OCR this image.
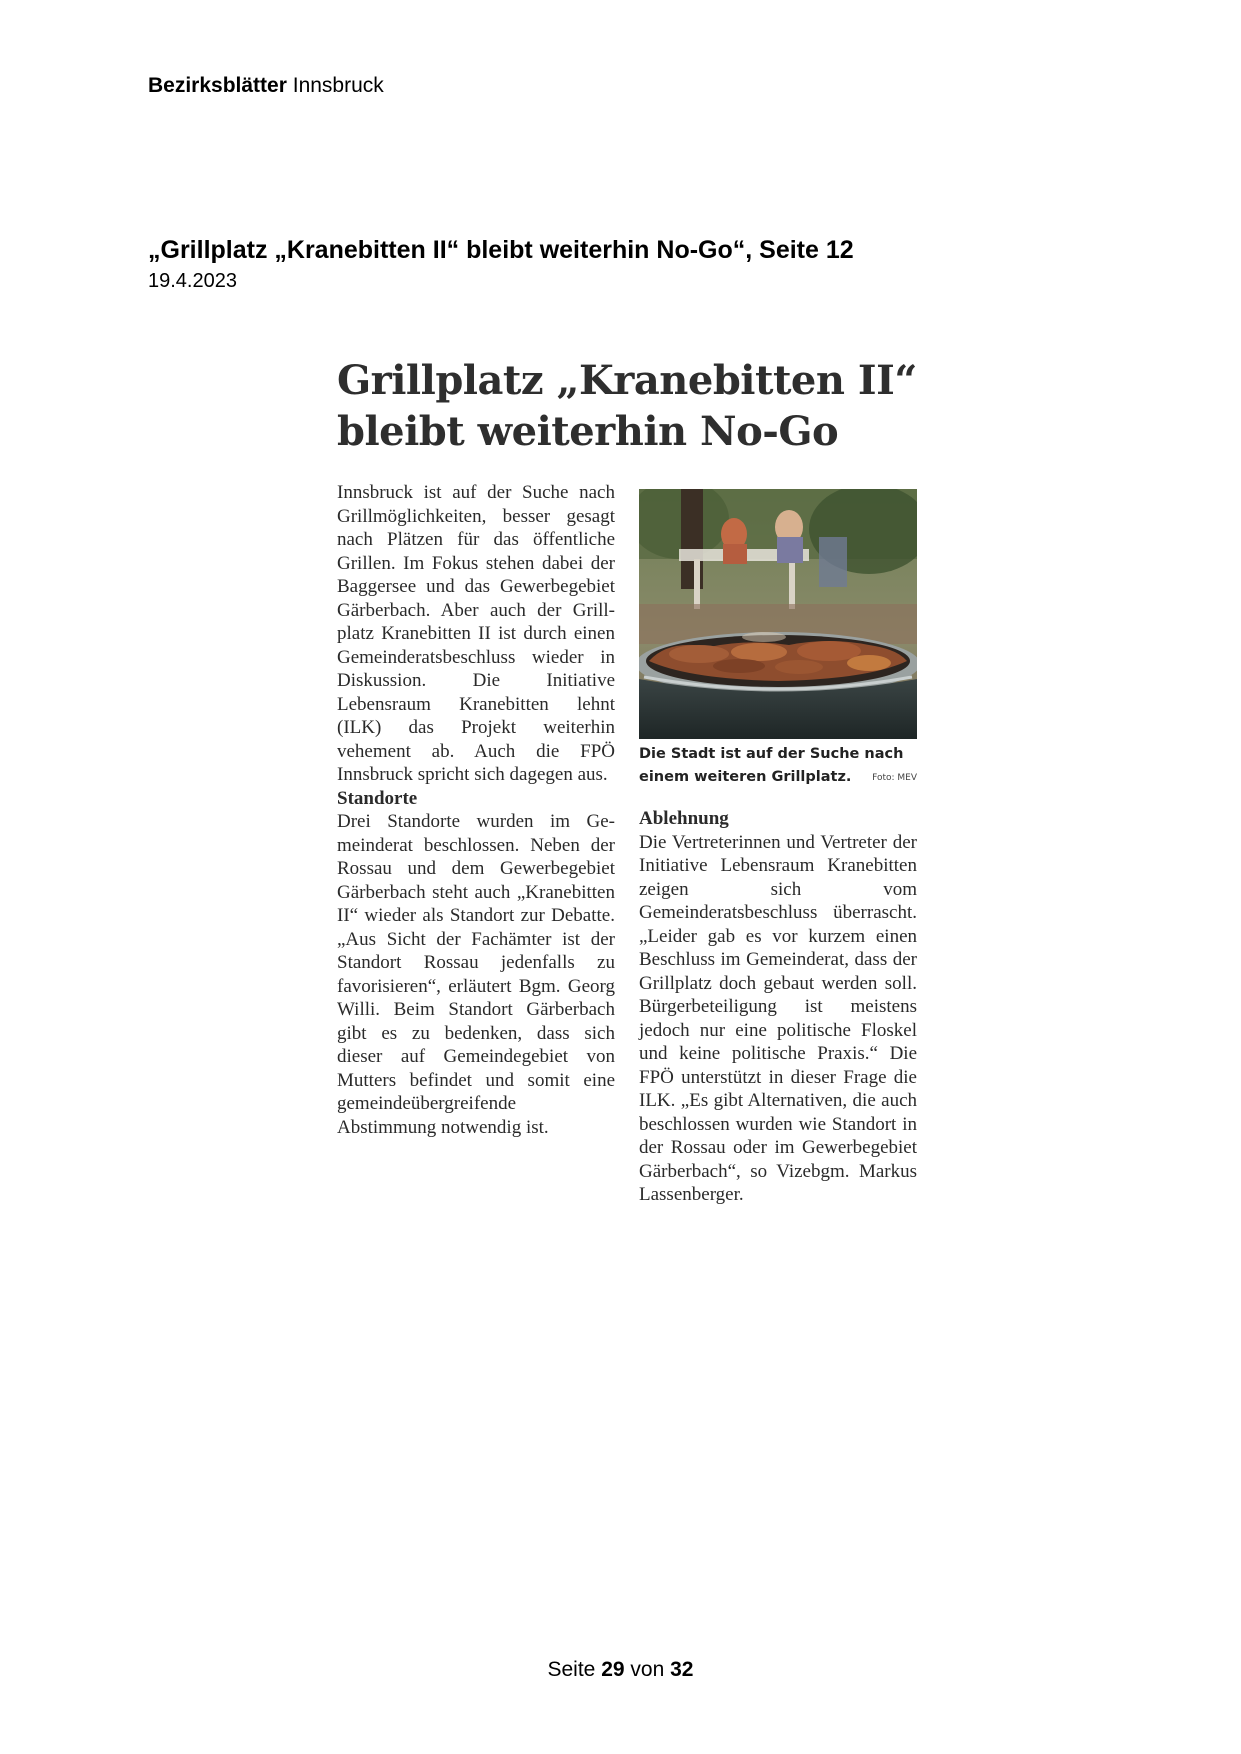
Bezirksblätter Innsbruck
„Grillplatz „Kranebitten II“ bleibt weiterhin No-Go“, Seite 12
19.4.2023
Grillplatz „Kranebitten II“
bleibt weiterhin No-Go

Innsbruck ist auf der Suche nach Grillmöglichkeiten, besser gesagt nach Plätzen für das öffentliche Grillen. Im Fokus stehen dabei der Baggersee und das Gewerbegebiet Gärberbach. Aber auch der Grillplatz Kranebitten II ist durch einen Gemeinderatsbeschluss wieder in Diskussion. Die Initiative Lebensraum Kranebitten lehnt (ILK) das Projekt weiterhin vehement ab. Auch die FPÖ Innsbruck spricht sich dagegen aus.

Standorte

Drei Standorte wurden im Gemeinderat beschlossen. Neben der Rossau und dem Gewerbegebiet Gärberbach steht auch „Kranebitten II“ wieder als Standort zur Debatte. „Aus Sicht der Fachämter ist der Standort Rossau jedenfalls zu favorisieren“, erläutert Bgm. Georg Willi. Beim Standort Gärberbach gibt es zu bedenken, dass sich dieser auf Gemeindegebiet von Mutters befindet und somit eine gemeindeübergreifende Abstimmung notwendig ist.

Die Stadt ist auf der Suche nach einem weiteren Grillplatz. Foto: MEV

Ablehnung

Die Vertreterinnen und Vertreter der Initiative Lebensraum Kranebitten zeigen sich vom Gemeinderatsbeschluss überrascht. „Leider gab es vor kurzem einen Beschluss im Gemeinderat, dass der Grillplatz doch gebaut werden soll. Bürgerbeteiligung ist meistens jedoch nur eine politische Floskel und keine politische Praxis.“ Die FPÖ unterstützt in dieser Frage die ILK. „Es gibt Alternativen, die auch beschlossen wurden wie Standort in der Rossau oder im Gewerbegebiet Gärberbach“, so Vizebgm. Markus Lassenberger.

Seite 29 von 32
